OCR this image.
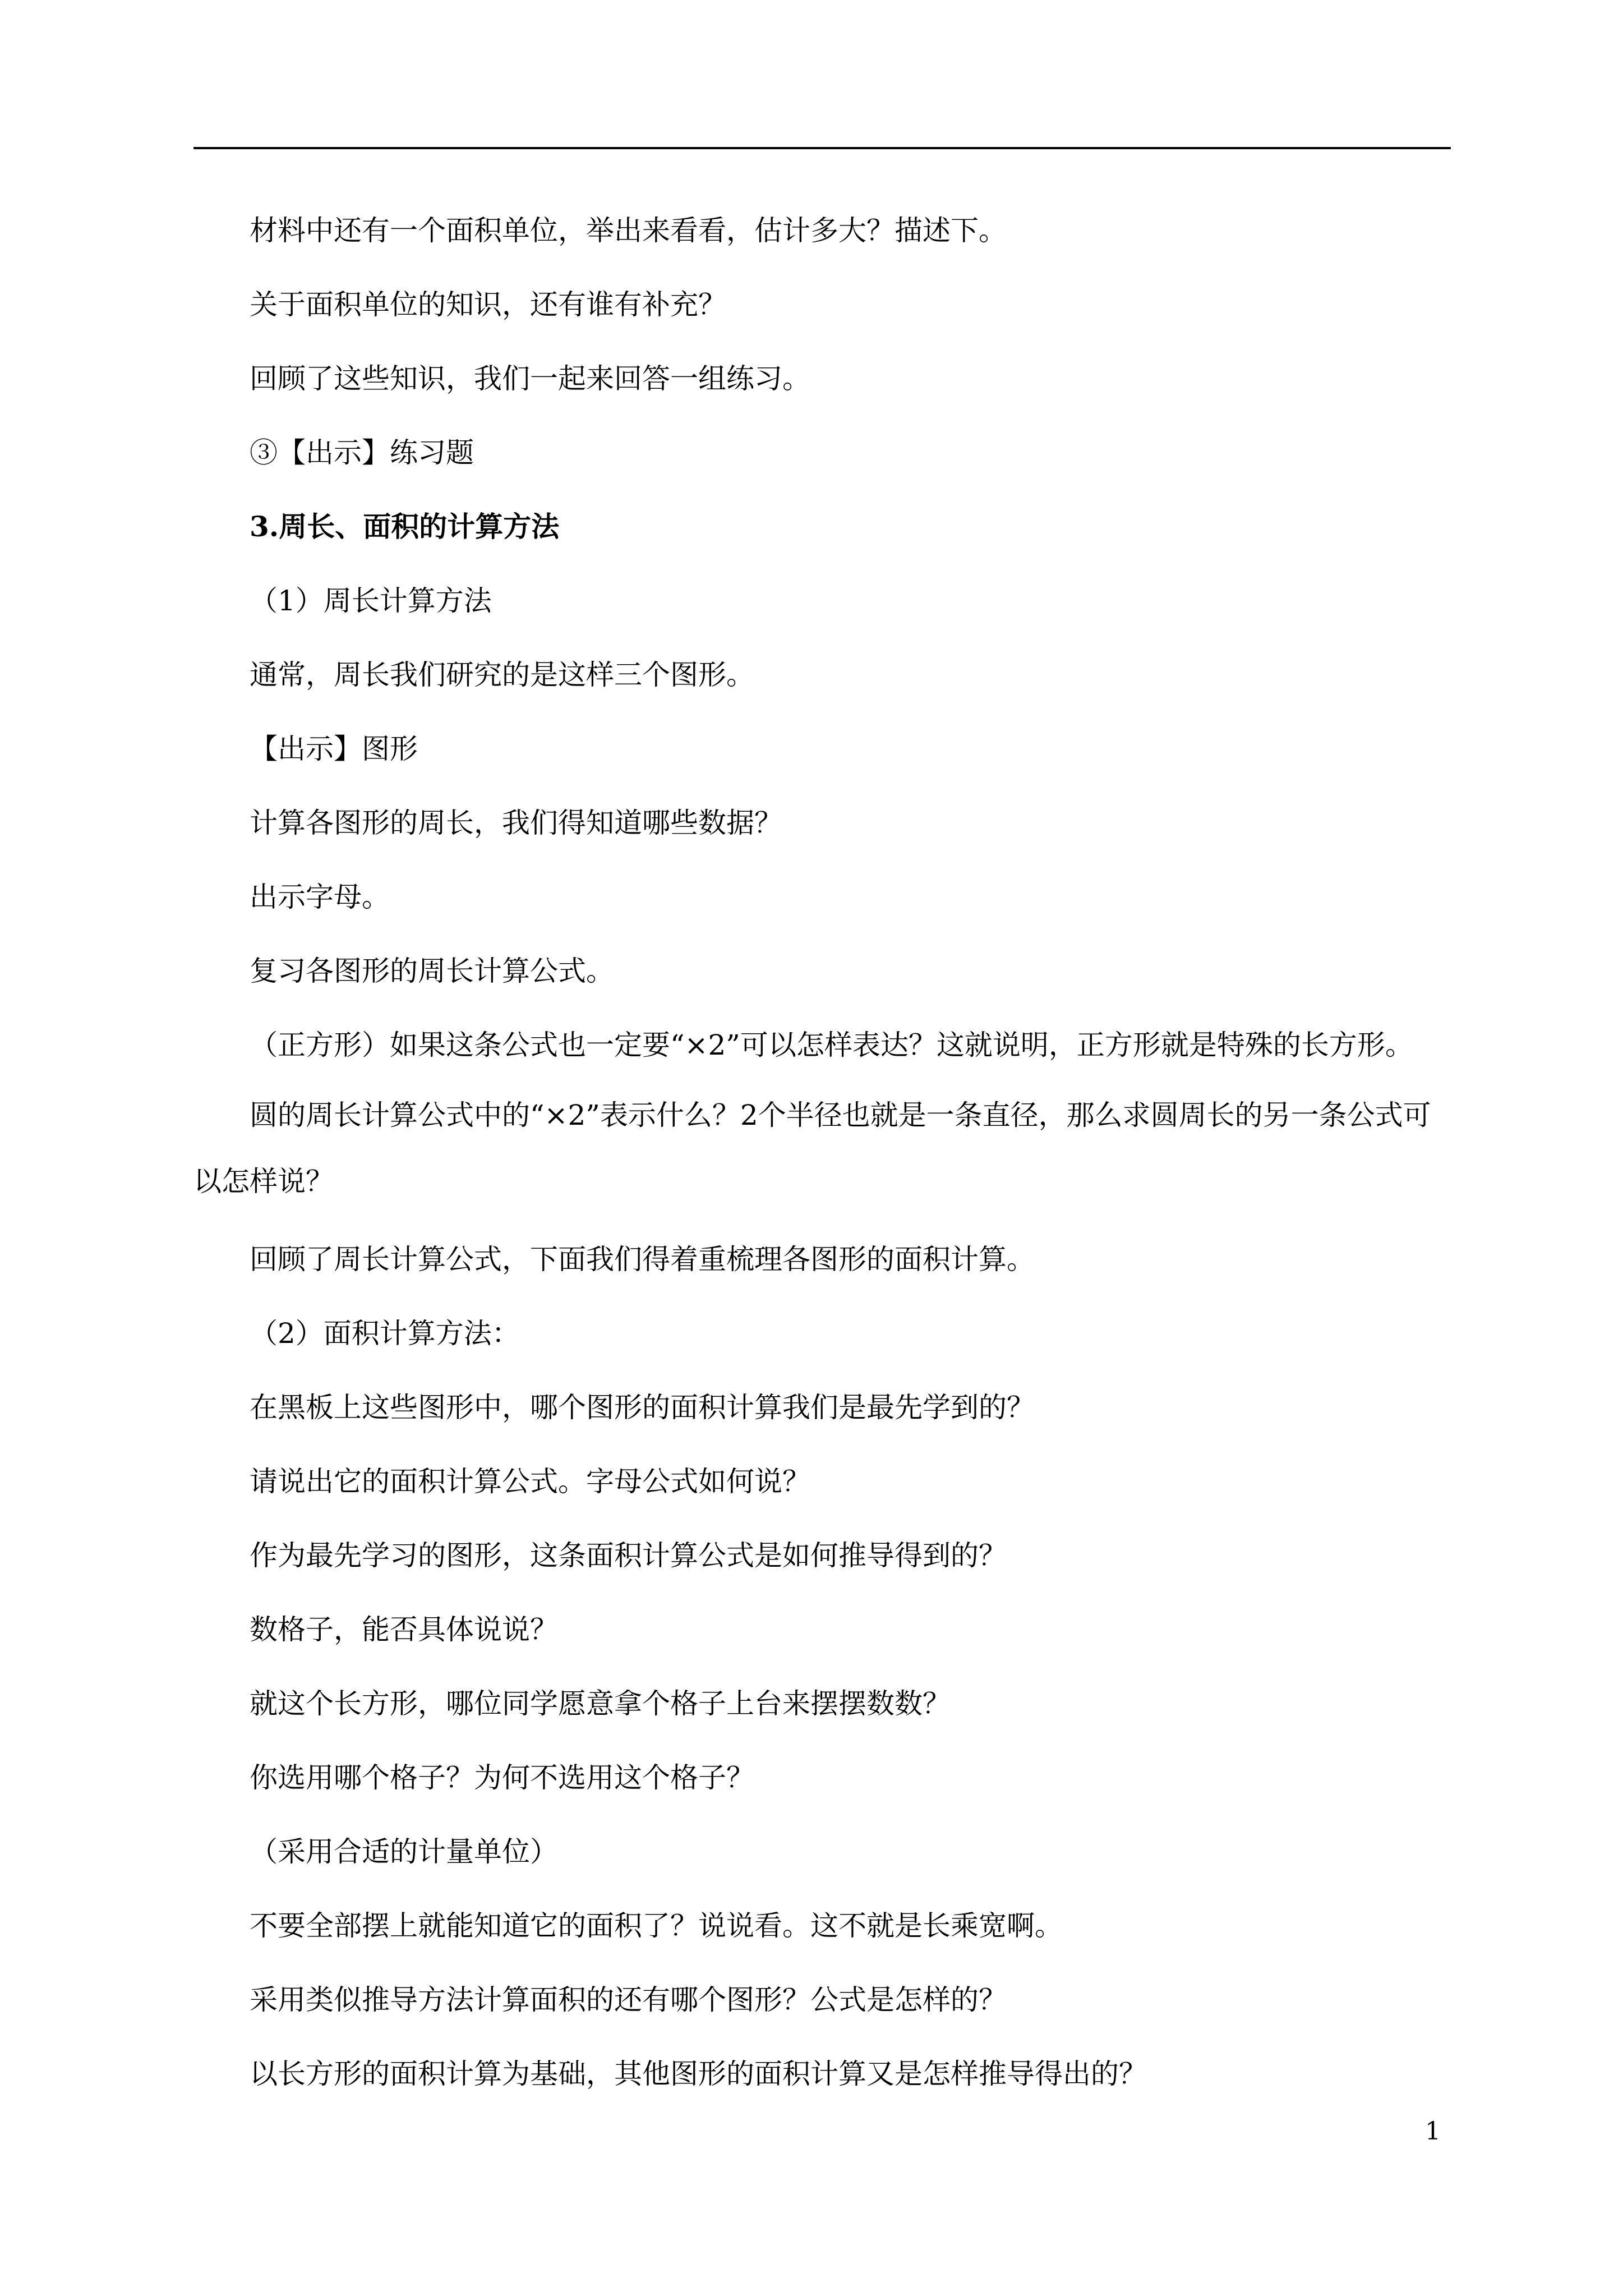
材料中还有一个面积单位，举出来看看，估计多大？描述下。

关于面积单位的知识，还有谁有补充？

回顾了这些知识，我们一起来回答一组练习。

③【出示】练习题

3.周长、面积的计算方法

（1）周长计算方法

通常，周长我们研究的是这样三个图形。

【出示】图形

计算各图形的周长，我们得知道哪些数据？

出示字母。

复习各图形的周长计算公式。

（正方形）如果这条公式也一定要“×2”可以怎样表达？这就说明，正方形就是特殊的长方形。

圆的周长计算公式中的“×2”表示什么？2个半径也就是一条直径，那么求圆周长的另一条公式可以怎样说？

回顾了周长计算公式，下面我们得着重梳理各图形的面积计算。

（2）面积计算方法：

在黑板上这些图形中，哪个图形的面积计算我们是最先学到的？

请说出它的面积计算公式。字母公式如何说？

作为最先学习的图形，这条面积计算公式是如何推导得到的？

数格子，能否具体说说？

就这个长方形，哪位同学愿意拿个格子上台来摆摆数数？

你选用哪个格子？为何不选用这个格子？

（采用合适的计量单位）

不要全部摆上就能知道它的面积了？说说看。这不就是长乘宽啊。

采用类似推导方法计算面积的还有哪个图形？公式是怎样的？

以长方形的面积计算为基础，其他图形的面积计算又是怎样推导得出的？

1
